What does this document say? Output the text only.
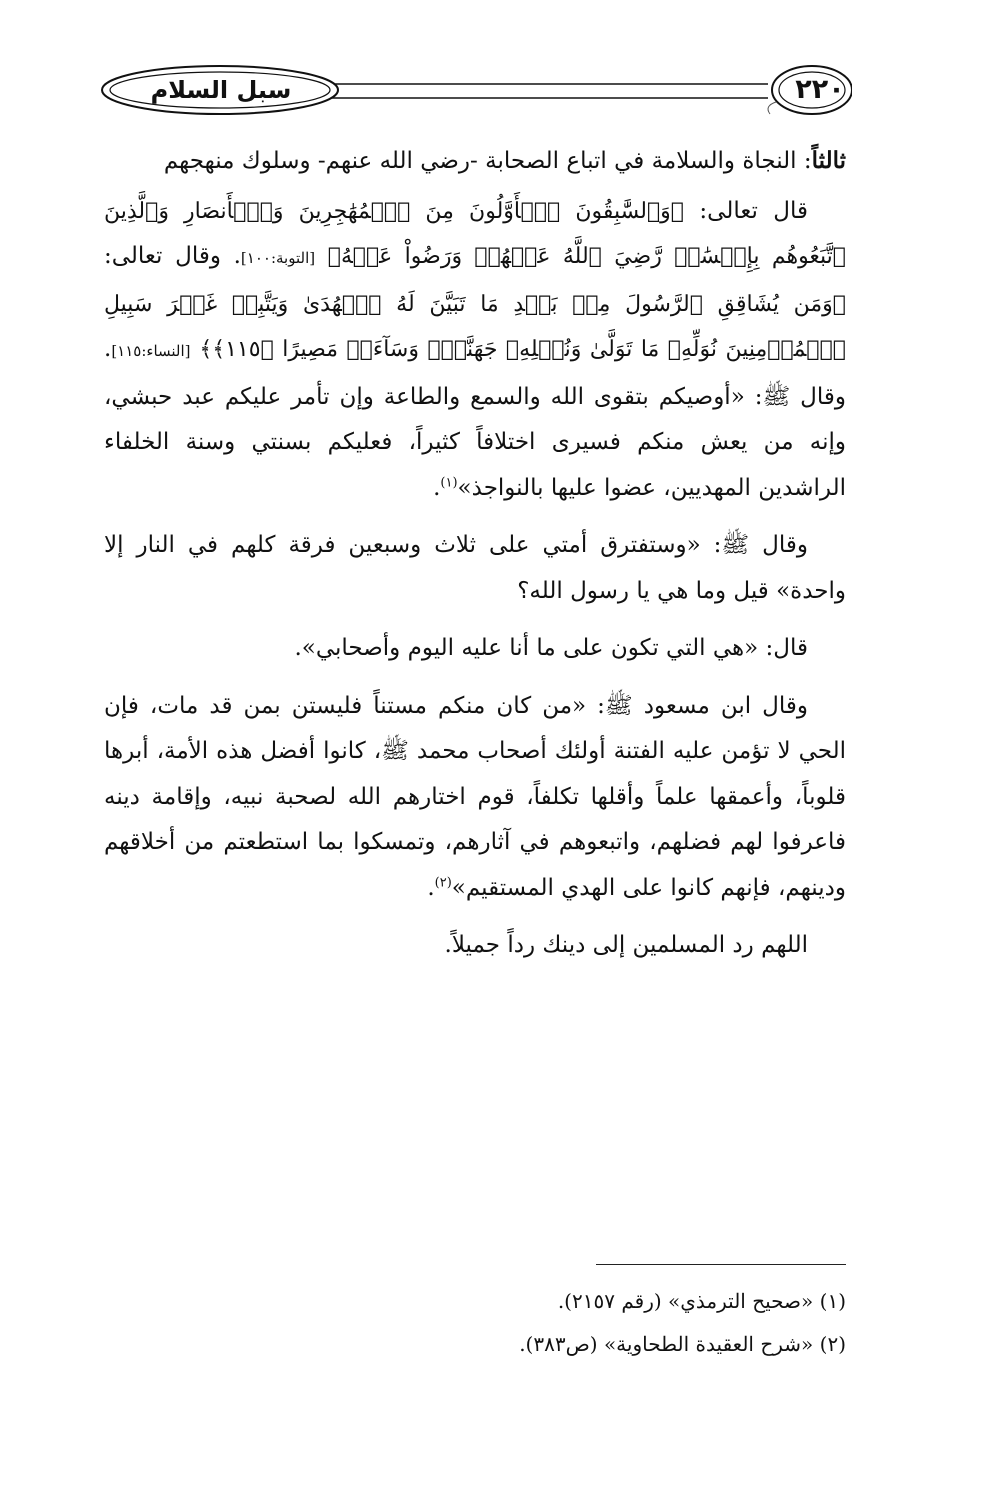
٢٢٠
سبل السلام

ثالثاً: النجاة والسلامة في اتباع الصحابة -رضي الله عنهم- وسلوك منهجهم

قال تعالى: ﴿وَٱلسَّٰبِقُونَ ٱلۡأَوَّلُونَ مِنَ ٱلۡمُهَٰجِرِينَ وَٱلۡأَنصَارِ وَٱلَّذِينَ ٱتَّبَعُوهُم بِإِحۡسَٰنٖ رَّضِيَ ٱللَّهُ عَنۡهُمۡ وَرَضُواْ عَنۡهُ﴾ [التوبة:١٠٠]. وقال تعالى: ﴿وَمَن يُشَاقِقِ ٱلرَّسُولَ مِنۢ بَعۡدِ مَا تَبَيَّنَ لَهُ ٱلۡهُدَىٰ وَيَتَّبِعۡ غَيۡرَ سَبِيلِ ٱلۡمُؤۡمِنِينَ نُوَلِّهِۦ مَا تَوَلَّىٰ وَنُصۡلِهِۦ جَهَنَّمَۖ وَسَآءَتۡ مَصِيرًا ﴿١١٥﴾﴾ [النساء:١١٥]. وقال ﷺ: «أوصيكم بتقوى الله والسمع والطاعة وإن تأمر عليكم عبد حبشي، وإنه من يعش منكم فسيرى اختلافاً كثيراً، فعليكم بسنتي وسنة الخلفاء الراشدين المهديين، عضوا عليها بالنواجذ»$^{(١)}$.

وقال ﷺ: «وستفترق أمتي على ثلاث وسبعين فرقة كلهم في النار إلا واحدة» قيل وما هي يا رسول الله؟

قال: «هي التي تكون على ما أنا عليه اليوم وأصحابي».

وقال ابن مسعود ﷺ: «من كان منكم مستناً فليستن بمن قد مات، فإن الحي لا تؤمن عليه الفتنة أولئك أصحاب محمد ﷺ، كانوا أفضل هذه الأمة، أبرها قلوباً، وأعمقها علماً وأقلها تكلفاً، قوم اختارهم الله لصحبة نبيه، وإقامة دينه فاعرفوا لهم فضلهم، واتبعوهم في آثارهم، وتمسكوا بما استطعتم من أخلاقهم ودينهم، فإنهم كانوا على الهدي المستقيم»$^{(٢)}$.

اللهم رد المسلمين إلى دينك رداً جميلاً.

(١) «صحيح الترمذي» (رقم ٢١٥٧).
(٢) «شرح العقيدة الطحاوية» (ص٣٨٣).
